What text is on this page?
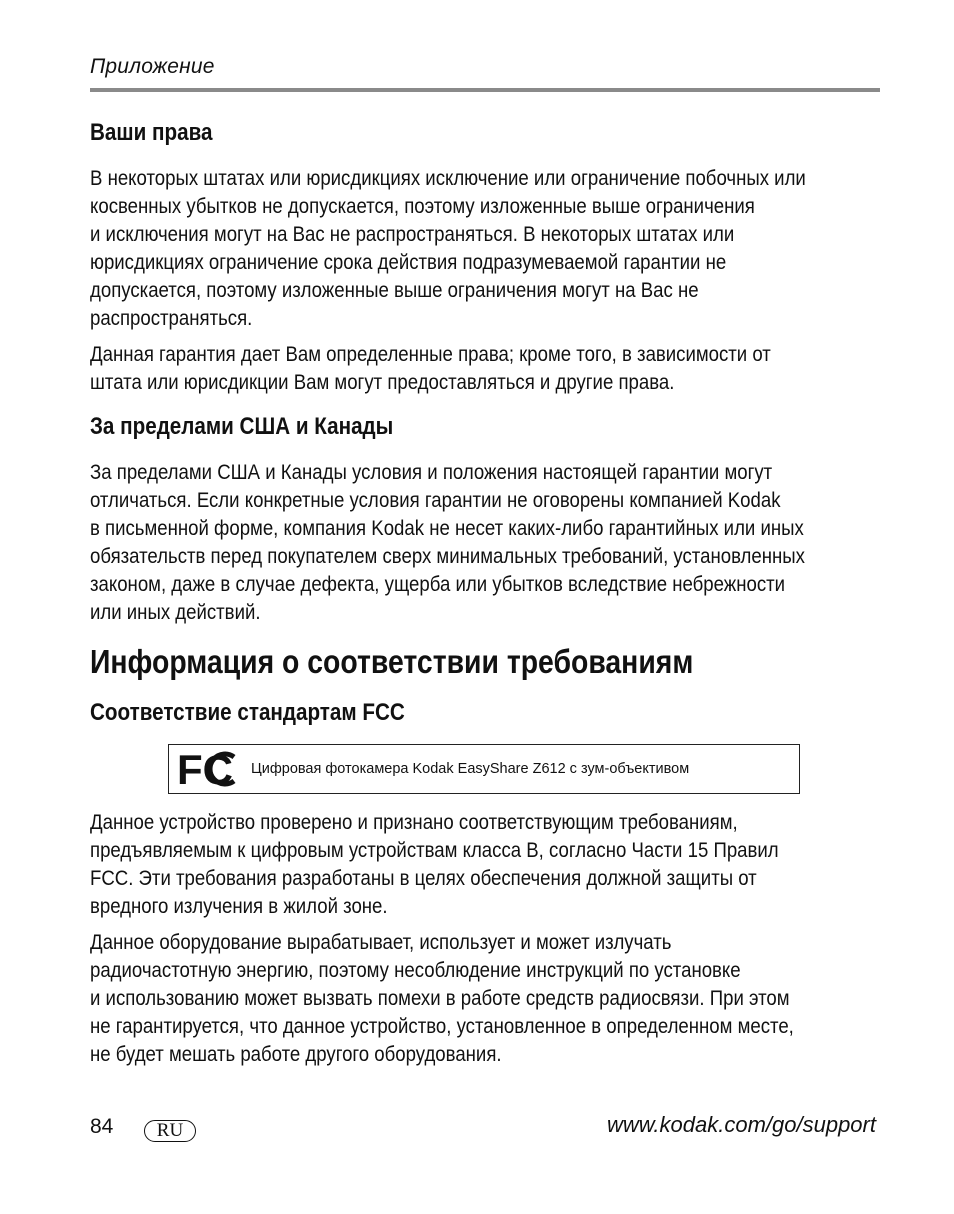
Приложение
Ваши права

В некоторых штатах или юрисдикциях исключение или ограничение побочных или
косвенных убытков не допускается, поэтому изложенные выше ограничения
и исключения могут на Вас не распространяться. В некоторых штатах или
юрисдикциях ограничение срока действия подразумеваемой гарантии не
допускается, поэтому изложенные выше ограничения могут на Вас не
распространяться.

Данная гарантия дает Вам определенные права; кроме того, в зависимости от
штата или юрисдикции Вам могут предоставляться и другие права.

За пределами США и Канады

За пределами США и Канады условия и положения настоящей гарантии могут
отличаться. Если конкретные условия гарантии не оговорены компанией Kodak
в письменной форме, компания Kodak не несет каких-либо гарантийных или иных
обязательств перед покупателем сверх минимальных требований, установленных
законом, даже в случае дефекта, ущерба или убытков вследствие небрежности
или иных действий.

Информация о соответствии требованиям
Соответствие стандартам FCC
FC Цифровая фотокамера Kodak EasyShare Z612 с зум-объективом

Данное устройство проверено и признано соответствующим требованиям,
предъявляемым к цифровым устройствам класса B, согласно Части 15 Правил
FCC. Эти требования разработаны в целях обеспечения должной защиты от
вредного излучения в жилой зоне.

Данное оборудование вырабатывает, использует и может излучать
радиочастотную энергию, поэтому несоблюдение инструкций по установке
и использованию может вызвать помехи в работе средств радиосвязи. При этом
не гарантируется, что данное устройство, установленное в определенном месте,
не будет мешать работе другого оборудования.

84 RU	www.kodak.com/go/support
